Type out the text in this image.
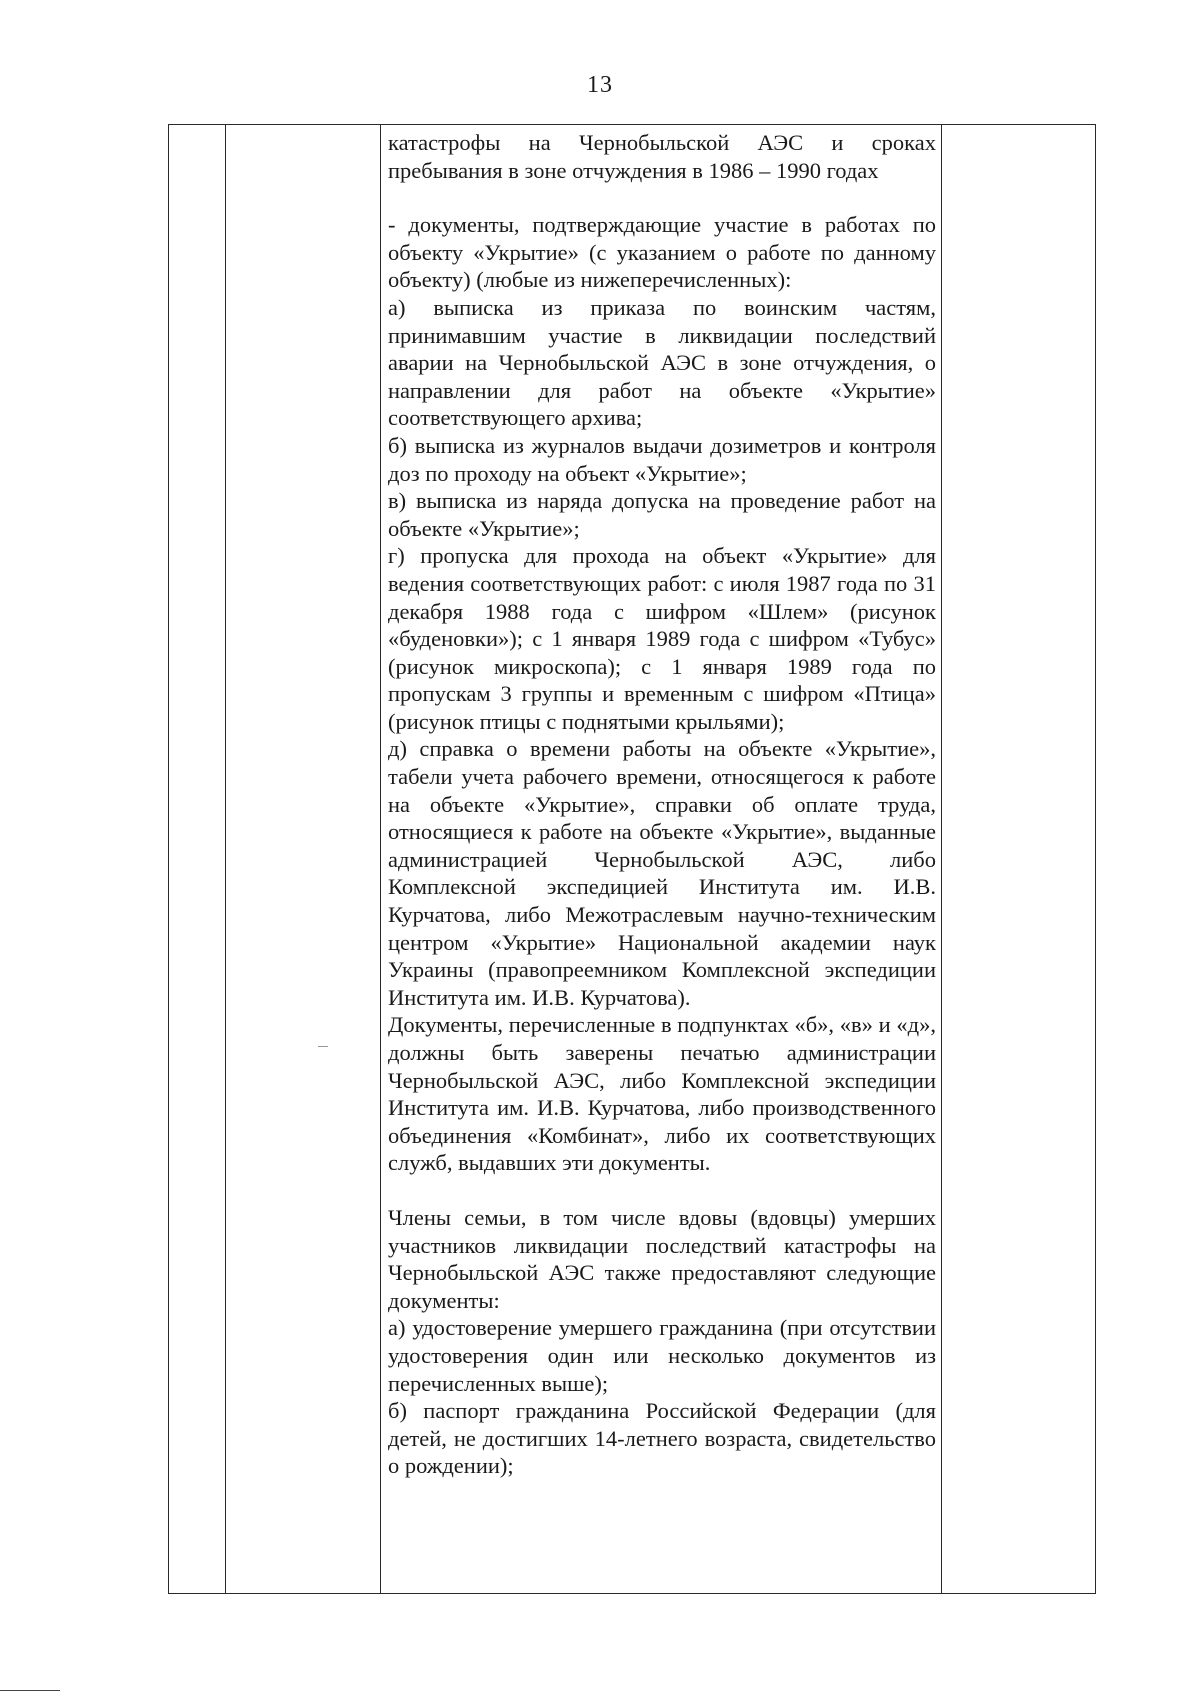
13

катастрофы на Чернобыльской АЭС и сроках пребывания в зоне отчуждения в 1986 – 1990 годах

- документы, подтверждающие участие в работах по объекту «Укрытие» (с указанием о работе по данному объекту) (любые из нижеперечисленных):

а) выписка из приказа по воинским частям, принимавшим участие в ликвидации последствий аварии на Чернобыльской АЭС в зоне отчуждения, о направлении для работ на объекте «Укрытие» соответствующего архива;

б) выписка из журналов выдачи дозиметров и контроля доз по проходу на объект «Укрытие»;

в) выписка из наряда допуска на проведение работ на объекте «Укрытие»;

г) пропуска для прохода на объект «Укрытие» для ведения соответствующих работ: с июля 1987 года по 31 декабря 1988 года с шифром «Шлем» (рисунок «буденовки»); с 1 января 1989 года с шифром «Тубус» (рисунок микроскопа); с 1 января 1989 года по пропускам 3 группы и временным с шифром «Птица» (рисунок птицы с поднятыми крыльями);

д) справка о времени работы на объекте «Укрытие», табели учета рабочего времени, относящегося к работе на объекте «Укрытие», справки об оплате труда, относящиеся к работе на объекте «Укрытие», выданные администрацией Чернобыльской АЭС, либо Комплексной экспедицией Института им. И.В. Курчатова, либо Межотраслевым научно-техническим центром «Укрытие» Национальной академии наук Украины (правопреемником Комплексной экспедиции Института им. И.В. Курчатова).

Документы, перечисленные в подпунктах «б», «в» и «д», должны быть заверены печатью администрации Чернобыльской АЭС, либо Комплексной экспедиции Института им. И.В. Курчатова, либо производственного объединения «Комбинат», либо их соответствующих служб, выдавших эти документы.

Члены семьи, в том числе вдовы (вдовцы) умерших участников ликвидации последствий катастрофы на Чернобыльской АЭС также предоставляют следующие документы:

а) удостоверение умершего гражданина (при отсутствии удостоверения один или несколько документов из перечисленных выше);

б) паспорт гражданина Российской Федерации (для детей, не достигших 14-летнего возраста, свидетельство о рождении);
